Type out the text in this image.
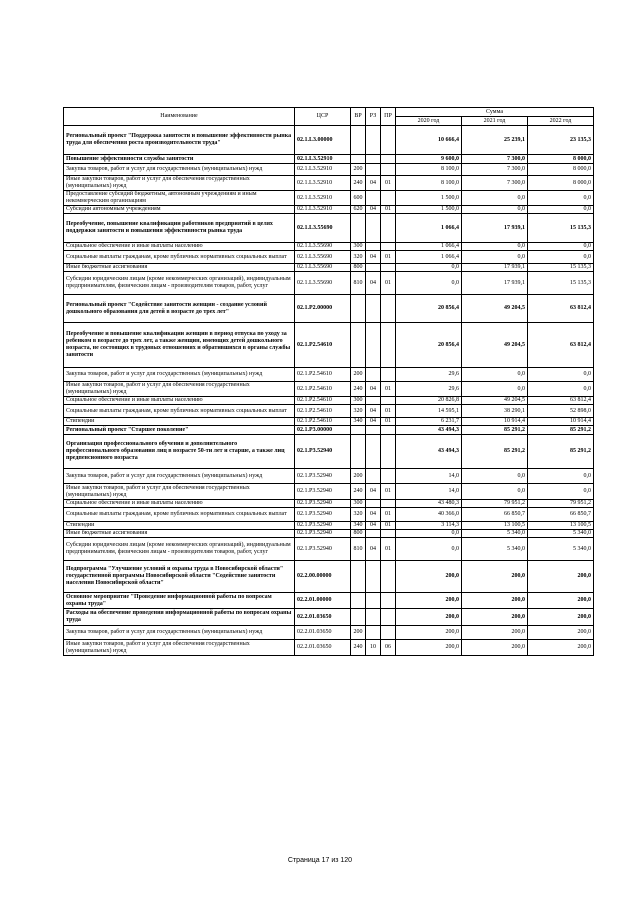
Наименование	ЦСР	ВР	РЗ	ПР	Сумма		
					2020 год	2021 год	2022 год
Региональный проект "Поддержка занятости и повышение эффективности рынка труда для обеспечения роста производительности труда"	02.1.L3.00000				10 666,4	25 239,1	23 135,3
Повышение эффективности службы занятости	02.1.L3.52910				9 600,0	7 300,0	8 000,0
Закупка товаров, работ и услуг для государственных (муниципальных) нужд	02.1.L3.52910	200			8 100,0	7 300,0	8 000,0
Иные закупки товаров, работ и услуг для обеспечения государственных (муниципальных) нужд	02.1.L3.52910	240	04	01	8 100,0	7 300,0	8 000,0
Предоставление субсидий бюджетным, автономным учреждениям и иным некоммерческим организациям	02.1.L3.52910	600			1 500,0	0,0	0,0
Субсидии автономным учреждениям	02.1.L3.52910	620	04	01	1 500,0	0,0	0,0
Переобучение, повышение квалификации работников предприятий в целях поддержки занятости и повышения эффективности рынка труда	02.1.L3.55690				1 066,4	17 939,1	15 135,3
Социальное обеспечение и иные выплаты населению	02.1.L3.55690	300			1 066,4	0,0	0,0
Социальные выплаты гражданам, кроме публичных нормативных социальных выплат	02.1.L3.55690	320	04	01	1 066,4	0,0	0,0
Иные бюджетные ассигнования	02.1.L3.55690	800			0,0	17 939,1	15 135,3
Субсидии юридическим лицам (кроме некоммерческих организаций), индивидуальным предпринимателям, физическим лицам - производителям товаров, работ, услуг	02.1.L3.55690	810	04	01	0,0	17 939,1	15 135,3
Региональный проект "Содействие занятости женщин - создание условий дошкольного образования для детей в возрасте до трех лет"	02.1.P2.00000				20 856,4	49 204,5	63 812,4
Переобучение и повышение квалификации женщин в период отпуска по уходу за ребенком в возрасте до трех лет, а также женщин, имеющих детей дошкольного возраста, не состоящих в трудовых отношениях и обратившихся в органы службы занятости	02.1.P2.54610				20 856,4	49 204,5	63 812,4
Закупка товаров, работ и услуг для государственных (муниципальных) нужд	02.1.P2.54610	200			29,6	0,0	0,0
Иные закупки товаров, работ и услуг для обеспечения государственных (муниципальных) нужд	02.1.P2.54610	240	04	01	29,6	0,0	0,0
Социальное обеспечение и иные выплаты населению	02.1.P2.54610	300			20 826,8	49 204,5	63 812,4
Социальные выплаты гражданам, кроме публичных нормативных социальных выплат	02.1.P2.54610	320	04	01	14 595,1	38 290,1	52 898,0
Стипендии	02.1.P2.54610	340	04	01	6 231,7	10 914,4	10 914,4
Региональный проект "Старшее поколение"	02.1.P3.00000				43 494,3	85 291,2	85 291,2
Организация профессионального обучения и дополнительного профессионального образования лиц в возрасте 50-ти лет и старше, а также лиц предпенсионного возраста	02.1.P3.52940				43 494,3	85 291,2	85 291,2
Закупка товаров, работ и услуг для государственных (муниципальных) нужд	02.1.P3.52940	200			14,0	0,0	0,0
Иные закупки товаров, работ и услуг для обеспечения государственных (муниципальных) нужд	02.1.P3.52940	240	04	01	14,0	0,0	0,0
Социальное обеспечение и иные выплаты населению	02.1.P3.52940	300			43 480,3	79 951,2	79 951,2
Социальные выплаты гражданам, кроме публичных нормативных социальных выплат	02.1.P3.52940	320	04	01	40 366,0	66 850,7	66 850,7
Стипендии	02.1.P3.52940	340	04	01	3 114,3	13 100,5	13 100,5
Иные бюджетные ассигнования	02.1.P3.52940	800			0,0	5 340,0	5 340,0
Субсидии юридическим лицам (кроме некоммерческих организаций), индивидуальным предпринимателям, физическим лицам - производителям товаров, работ, услуг	02.1.P3.52940	810	04	01	0,0	5 340,0	5 340,0
Подпрограмма "Улучшение условий и охраны труда в Новосибирской области" государственной программы Новосибирской области "Содействие занятости населения Новосибирской области"	02.2.00.00000				200,0	200,0	200,0
Основное мероприятие "Проведение информационной работы по вопросам охраны труда"	02.2.01.00000				200,0	200,0	200,0
Расходы на обеспечение проведения информационной работы по вопросам охраны труда	02.2.01.03650				200,0	200,0	200,0
Закупка товаров, работ и услуг для государственных (муниципальных) нужд	02.2.01.03650	200			200,0	200,0	200,0
Иные закупки товаров, работ и услуг для обеспечения государственных (муниципальных) нужд	02.2.01.03650	240	10	06	200,0	200,0	200,0
Страница 17 из 120
